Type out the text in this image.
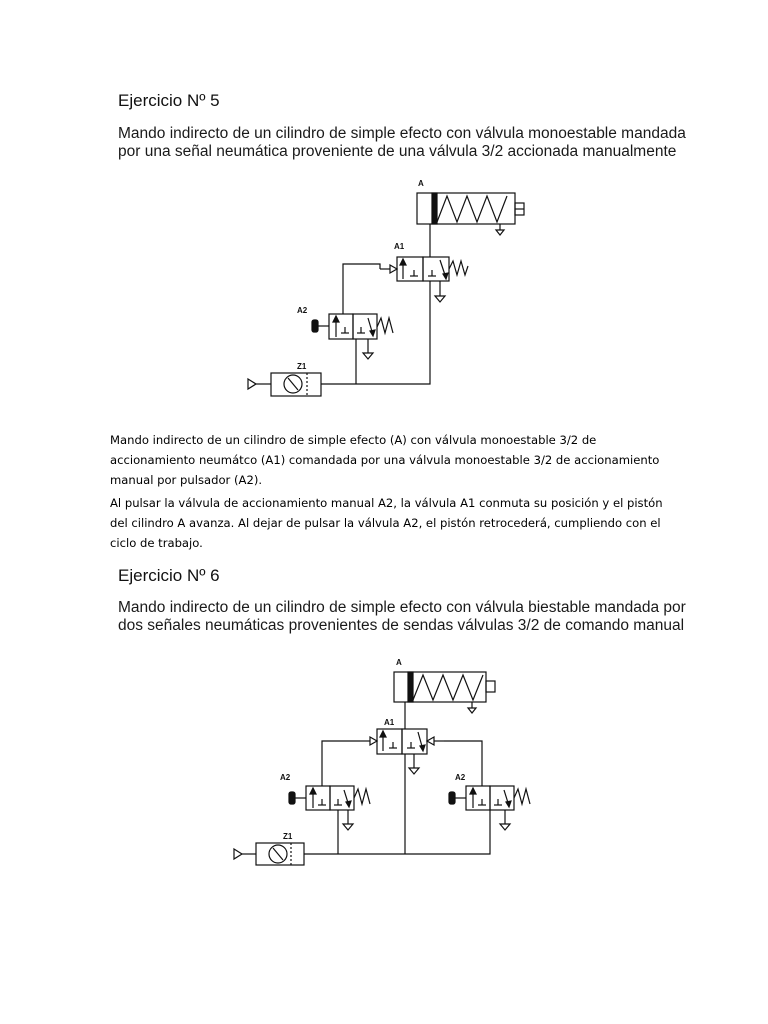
Ejercicio Nº 5

Mando indirecto de un cilindro de simple efecto con válvula monoestable mandada
por una señal neumática proveniente de una válvula 3/2 accionada manualmente

A
A1
A2
Z1

Mando indirecto de un cilindro de simple efecto (A) con válvula monoestable 3/2 de
accionamiento neumátco (A1) comandada por una válvula monoestable 3/2 de accionamiento
manual por pulsador (A2).

Al pulsar la válvula de accionamiento manual A2, la válvula A1 conmuta su posición y el pistón
del cilindro A avanza. Al dejar de pulsar la válvula A2, el pistón retrocederá, cumpliendo con el
ciclo de trabajo.

Ejercicio Nº 6

Mando indirecto de un cilindro de simple efecto con válvula biestable mandada por
dos señales neumáticas provenientes de sendas válvulas 3/2 de comando manual

A
A1
A2	A2
Z1
